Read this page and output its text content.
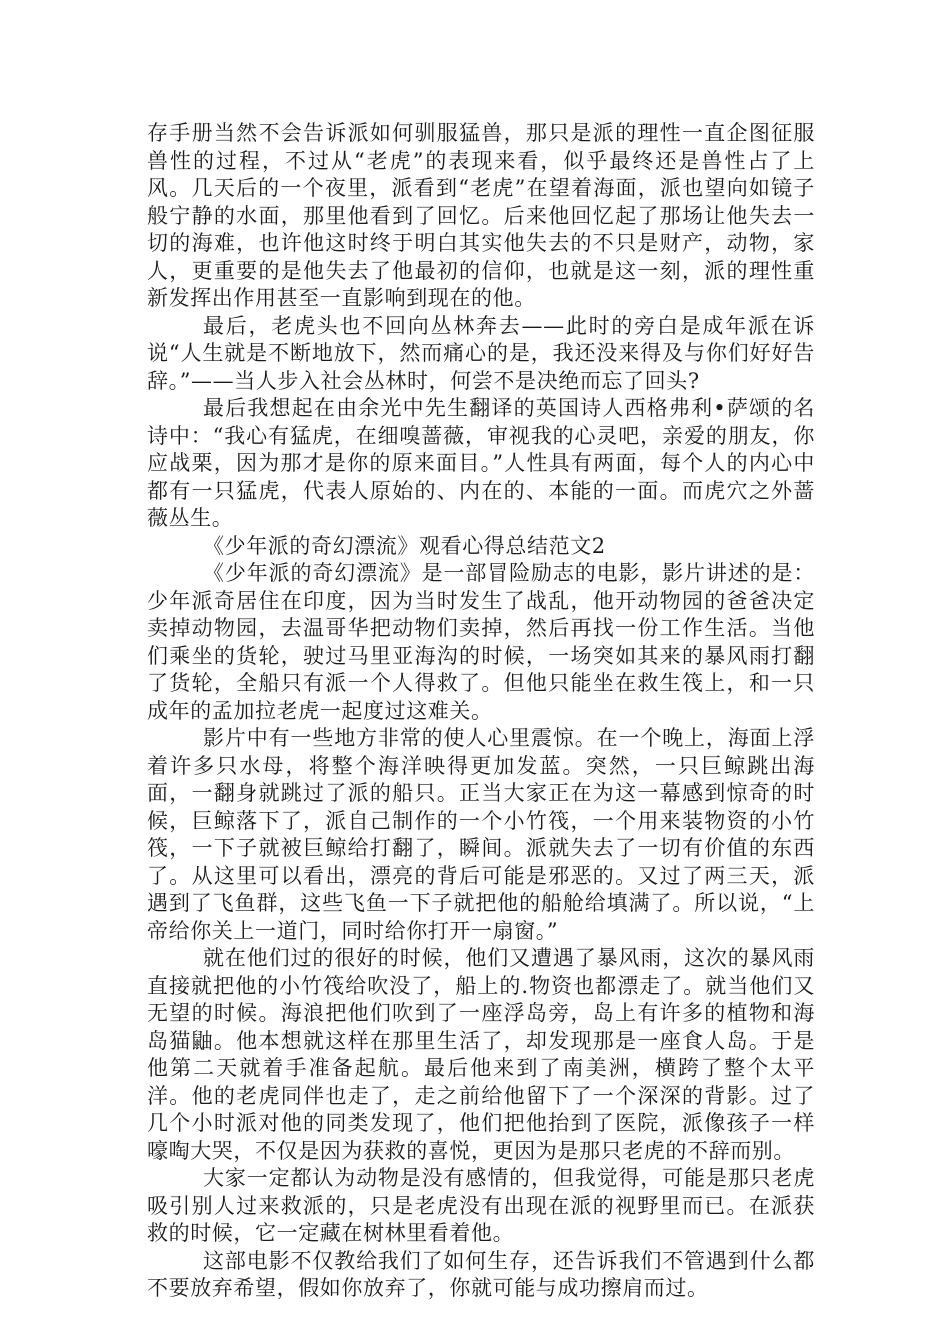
存手册当然不会告诉派如何驯服猛兽，那只是派的理性一直企图征服兽性的过程，不过从“老虎”的表现来看，似乎最终还是兽性占了上风。几天后的一个夜里，派看到“老虎”在望着海面，派也望向如镜子般宁静的水面，那里他看到了回忆。后来他回忆起了那场让他失去一切的海难，也许他这时终于明白其实他失去的不只是财产，动物，家人，更重要的是他失去了他最初的信仰，也就是这一刻，派的理性重新发挥出作用甚至一直影响到现在的他。

最后，老虎头也不回向丛林奔去——此时的旁白是成年派在诉说“人生就是不断地放下，然而痛心的是，我还没来得及与你们好好告辞。”——当人步入社会丛林时，何尝不是决绝而忘了回头?

最后我想起在由余光中先生翻译的英国诗人西格弗利•萨颂的名诗中：“我心有猛虎，在细嗅蔷薇，审视我的心灵吧，亲爱的朋友，你应战栗，因为那才是你的原来面目。”人性具有两面，每个人的内心中都有一只猛虎，代表人原始的、内在的、本能的一面。而虎穴之外蔷薇丛生。

《少年派的奇幻漂流》观看心得总结范文2

《少年派的奇幻漂流》是一部冒险励志的电影，影片讲述的是：少年派奇居住在印度，因为当时发生了战乱，他开动物园的爸爸决定卖掉动物园，去温哥华把动物们卖掉，然后再找一份工作生活。当他们乘坐的货轮，驶过马里亚海沟的时候，一场突如其来的暴风雨打翻了货轮，全船只有派一个人得救了。但他只能坐在救生筏上，和一只成年的孟加拉老虎一起度过这难关。

影片中有一些地方非常的使人心里震惊。在一个晚上，海面上浮着许多只水母，将整个海洋映得更加发蓝。突然，一只巨鲸跳出海面，一翻身就跳过了派的船只。正当大家正在为这一幕感到惊奇的时候，巨鲸落下了，派自己制作的一个小竹筏，一个用来装物资的小竹筏，一下子就被巨鲸给打翻了，瞬间。派就失去了一切有价值的东西了。从这里可以看出，漂亮的背后可能是邪恶的。又过了两三天，派遇到了飞鱼群，这些飞鱼一下子就把他的船舱给填满了。所以说，“上帝给你关上一道门，同时给你打开一扇窗。”

就在他们过的很好的时候，他们又遭遇了暴风雨，这次的暴风雨直接就把他的小竹筏给吹没了，船上的.物资也都漂走了。就当他们又无望的时候。海浪把他们吹到了一座浮岛旁，岛上有许多的植物和海岛猫鼬。他本想就这样在那里生活了，却发现那是一座食人岛。于是他第二天就着手准备起航。最后他来到了南美洲，横跨了整个太平洋。他的老虎同伴也走了，走之前给他留下了一个深深的背影。过了几个小时派对他的同类发现了，他们把他抬到了医院，派像孩子一样嚎啕大哭，不仅是因为获救的喜悦，更因为是那只老虎的不辞而别。

大家一定都认为动物是没有感情的，但我觉得，可能是那只老虎吸引别人过来救派的，只是老虎没有出现在派的视野里而已。在派获救的时候，它一定藏在树林里看着他。

这部电影不仅教给我们了如何生存，还告诉我们不管遇到什么都不要放弃希望，假如你放弃了，你就可能与成功擦肩而过。
